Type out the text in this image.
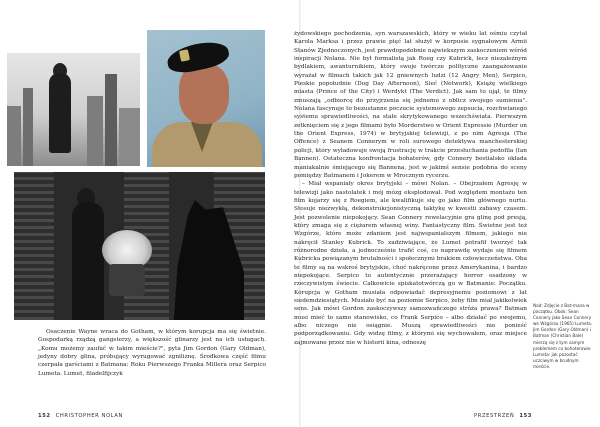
Osaczenie Wayne wraca do Gotham, w którym korupcja ma się świetnie. Gospodarką rządzą gangsterzy, a większość glinarzy jest na ich usługach. „Komu możemy zaufać w takim mieście?", pyta Jim Gordon (Gary Oldman), jedyny dobry glina, próbujący wyrugować zgniliznę. Środkowa część filmu czerpała garściami z Batmana: Roku Pierwszego Franka Millera oraz Serpico Lumeta. Lumet, filadelfijczyk

żydowskiego pochodzenia, syn warszawskich, który w wieku lat ośmiu czytał Karola Marksa i przez prawie pięć lat służył w korpusie sygnałowym Armii Stanów Zjednoczonych, jest prawdopodobnie najwiekszym zaskoczeniem wśród inspiracji Nolana. Nie był formalistą jak Roeg czy Kubrick, lecz niezależnym bydlakiem, awanturnikiem, który swoje twórcze polityczne zaangażowanie wyrażał w filmach takich jak 12 gniewnych ludzi (12 Angry Men), Serpico, Pieskie popołudnie (Dog Day Afternoon), Sieć (Network), Książę wielkiego miasta (Prince of the City) i Werdykt (The Verdict). Jak sam to ujął, te filmy zmuszają „odbiorcę do przyjrzenia się jednemu z oblicz swojego sumienia". Nolana fascynuje to bezustanne poczucie systemowego zepsucia, rozchwianego systemu sprawiedliwości, na stałe skrytykowanego wszechświata. Pierwszym zetknięciem się z jego filmami było Morderstwo w Orient Expressie (Murder on the Orient Express, 1974) w brytyjskiej telewizji, z po nim Agresja (The Offence) z Seanem Connerym w roli surowego detektywa manchesterskiej policji, który wyładowuje swoją frustrację w trakcie przesłuchania pedofila (Ian Bannen). Ostateczna konfrontacja bohaterów, gdy Connery bestialsko okłada maniakalnie śmiejącego się Bannena, jest w jakimś sensie podobna do sceny pomiędzy Batmanem i Jokerem w Mrocznym rycerzu.

– Miał wspaniały okres brytyjski – mówi Nolan. – Obejrzałem Agresję w telewizji jako nastolatek i mój mózg eksplodował. Pod względem montażu ten film kojarzy się z Roegiem, ale kwalifikuje się go jako film głównego nurtu. Stosuje niezwykłą, dekonstrukcjonistyczną taktykę w kwestii zabawy czasem. Jest pozwolenie niepokojący. Sean Connery rewelacyjnie gra glinę pod presją, który zmaga się z ciężarem własnej winy. Fantastyczny film. Świetne jest też Wzgórze, które może zdaniem jest najwspanialszym filmem, jakiego nie nakręcił Stanley Kubrick. To zadziwiające, że Lumet potrafił tworzyć tak różnorodne dzieła, a jednocześnie trafić coś, co naprawdę wydaje się filmem Kubricka powiązanym brutalności i społecznymi brakiem człowieczeństwa. Oba te filmy są na wskroś brytyjskie, choć nakręcone przez Amerykanina, i bardzo niepokojące. Serpico to autentycznie przerażający horror osadzony w rzeczywistym świecie. Całkowicie spiskatotwórczą go w Batmanie: Początku. Korupcja w Gotham musiała odpowiadać depresyjnemu poziomowi z lat siedemdziesiątych. Musiało być na poziomie Serpico, żeby film miał jakikolwiek sens. Jak mówi Gordon zaskoczywszy samozwańczego stróża prawa? Batman musi mieć to samo stanowisko, co Frank Serpico – albo działać po swojemu, albo niczego nie osiągnie. Muszą sprawiedliwości nie ponieść podporządkowaniu. Gdy widzę filmy, z którymi się wychowałem, oraz miejsce zajmowane przez nie w historii kina, odnoszę

Nad: Zdjęcie z Bat-mana w początku. Obok: Sean Connery jako Sean Connery we Wzgórzu (1965) Lumeta. Jim Gordon (Gary Oldman) i Batman (Christian Bale) mierzą się z tym samym problemem co bohaterowie Lumeta: jak pozostać uczciwym w brudnym mieście.

152 CHRISTOPHER NOLAN	PRZESTRZEŃ 153
